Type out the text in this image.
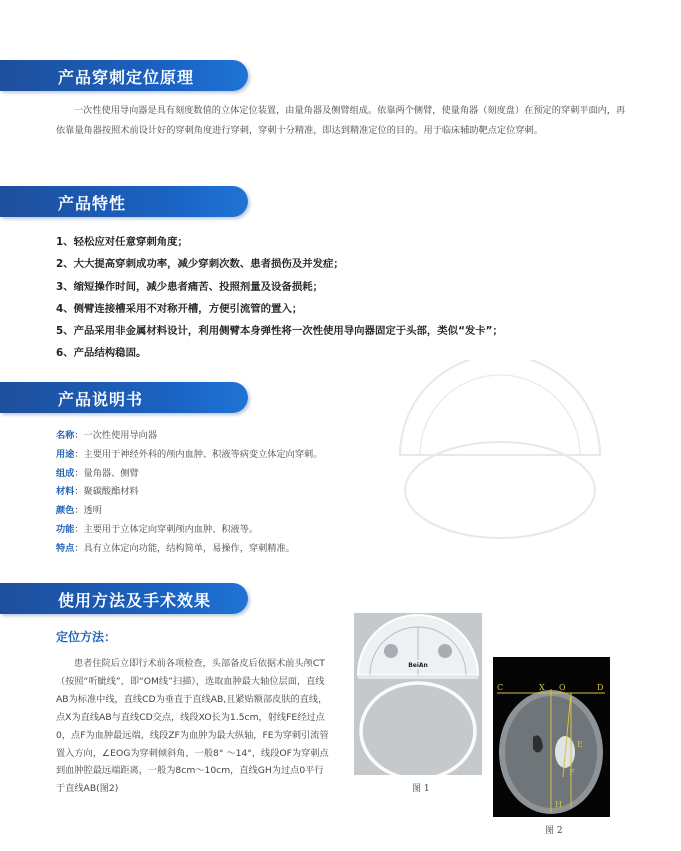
产品穿刺定位原理
一次性使用导向器是具有刻度数值的立体定位装置，由量角器及侧臂组成。依靠两个侧臂，使量角器（刻度盘）在预定的穿刺平面内，再依靠量角器按照术前设计好的穿刺角度进行穿刺，穿刺十分精准，即达到精准定位的目的。用于临床辅助靶点定位穿刺。
产品特性
1、轻松应对任意穿刺角度；
2、大大提高穿刺成功率，减少穿刺次数、患者损伤及并发症；
3、缩短操作时间，减少患者痛苦、投照剂量及设备损耗；
4、侧臂连接槽采用不对称开槽，方便引流管的置入；
5、产品采用非金属材料设计，利用侧臂本身弹性将一次性使用导向器固定于头部，类似“发卡”；
6、产品结构稳固。
产品说明书
名称：一次性使用导向器
用途：主要用于神经外科的颅内血肿、积液等病变立体定向穿刺。
组成：量角器、侧臂
材料：聚碳酸酯材料
颜色：透明
功能：主要用于立体定向穿刺颅内血肿、积液等。
特点：具有立体定向功能，结构简单，易操作，穿刺精准。
使用方法及手术效果
定位方法：
患者住院后立即行术前各项检查，头部备皮后依据术前头颅CT（按照“听眦线”，即“OM线”扫描），选取血肿最大轴位层面，直线AB为标准中线，直线CD为垂直于直线AB,且紧贴额部皮肤的直线，点X为直线AB与直线CD交点，线段XO长为1.5cm，射线FE经过点0，点F为血肿最远端，线段ZF为血肿为最大纵轴，FE为穿刺引流管置入方向，∠EOG为穿刺倾斜角，一般8° ～14°，线段OF为穿刺点到血肿腔最远端距离，一般为8cm～10cm，直线GH为过点0平行于直线AB(图2)
BeiAn
图 1
C	X O	D
E
F
H
图 2
